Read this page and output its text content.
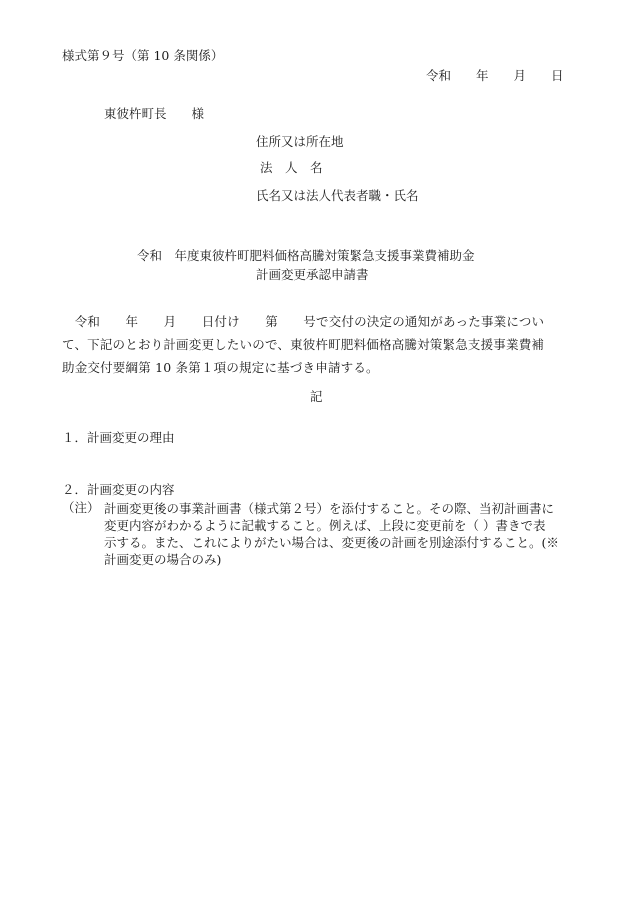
様式第９号（第 10 条関係）
令和　　年　　月　　日
東彼杵町長　　様
住所又は所在地
法　人　名
氏名又は法人代表者職・氏名
令和　年度東彼杵町肥料価格高騰対策緊急支援事業費補助金
計画変更承認申請書
　令和　　年　　月　　日付け　　第　　号で交付の決定の通知があった事業につい
て、下記のとおり計画変更したいので、東彼杵町肥料価格高騰対策緊急支援事業費補
助金交付要綱第 10 条第１項の規定に基づき申請する。
記
１．計画変更の理由
２．計画変更の内容
（注） 計画変更後の事業計画書（様式第２号）を添付すること。その際、当初計画書に
変更内容がわかるように記載すること。例えば、上段に変更前を（ ）書きで表
示する。また、これによりがたい場合は、変更後の計画を別途添付すること。(※
計画変更の場合のみ)
